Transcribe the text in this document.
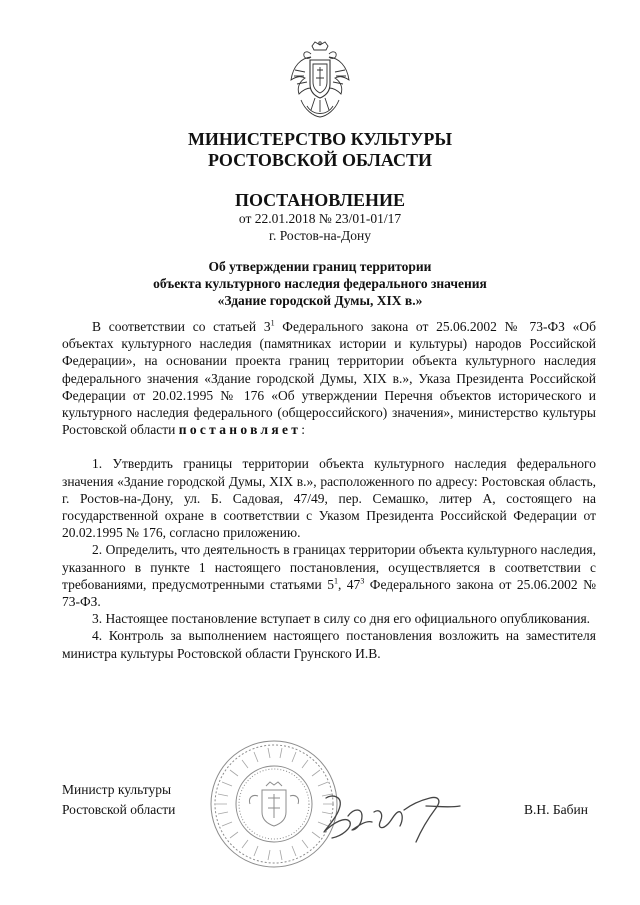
МИНИСТЕРСТВО КУЛЬТУРЫ
РОСТОВСКОЙ ОБЛАСТИ
ПОСТАНОВЛЕНИЕ
от 22.01.2018 № 23/01-01/17
г. Ростов-на-Дону
Об утверждении границ территории
объекта культурного наследия федерального значения
«Здание городской Думы, XIX в.»

В соответствии со статьей $3^1$ Федерального закона от 25.06.2002 № 73-ФЗ «Об объектах культурного наследия (памятниках истории и культуры) народов Российской Федерации», на основании проекта границ территории объекта культурного наследия федерального значения «Здание городской Думы, XIX в.», Указа Президента Российской Федерации от 20.02.1995 № 176 «Об утверждении Перечня объектов исторического и культурного наследия федерального (общероссийского) значения», министерство культуры Ростовской области постановляет:

1. Утвердить границы территории объекта культурного наследия федерального значения «Здание городской Думы, XIX в.», расположенного по адресу: Ростовская область, г. Ростов-на-Дону, ул. Б. Садовая, 47/49, пер. Семашко, литер А, состоящего на государственной охране в соответствии с Указом Президента Российской Федерации от 20.02.1995 № 176, согласно приложению.

2. Определить, что деятельность в границах территории объекта культурного наследия, указанного в пункте 1 настоящего постановления, осуществляется в соответствии с требованиями, предусмотренными статьями $5^1$, $47^3$ Федерального закона от 25.06.2002 № 73-ФЗ.

3. Настоящее постановление вступает в силу со дня его официального опубликования.

4. Контроль за выполнением настоящего постановления возложить на заместителя министра культуры Ростовской области Грунского И.В.

Министр культуры
Ростовской области	В.Н. Бабин
